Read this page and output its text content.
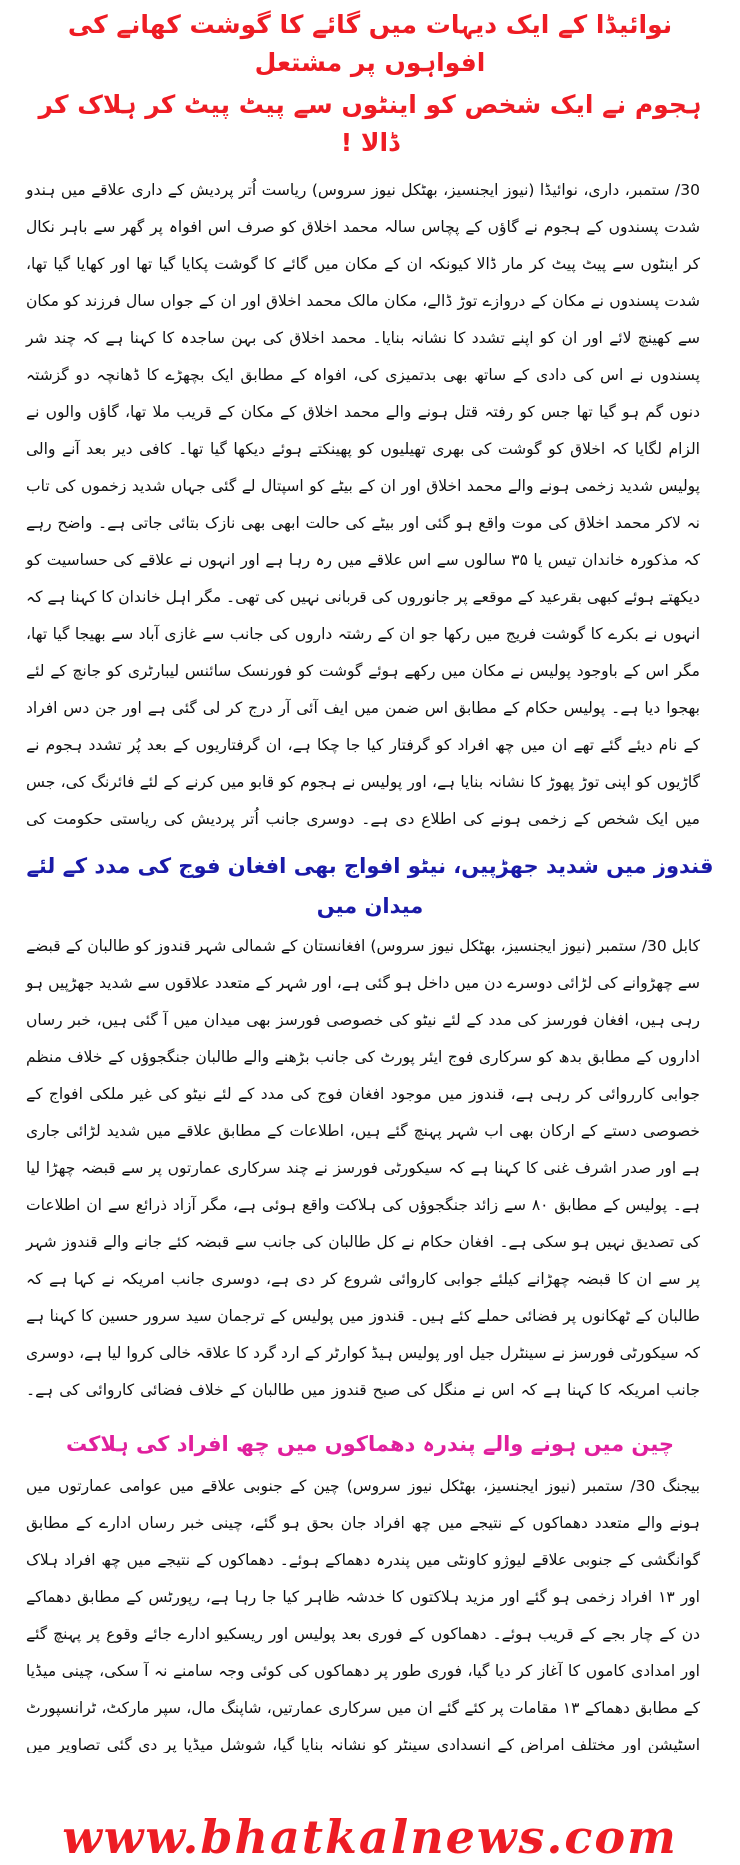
نوائیڈا کے ایک دیہات میں گائے کا گوشت کھانے کی افواہوں پر مشتعل
ہجوم نے ایک شخص کو اینٹوں سے پیٹ پیٹ کر ہلاک کر ڈالا !

30/ ستمبر، داری، نوائیڈا (نیوز ایجنسیز، بھٹکل نیوز سروس) ریاست اُتر پردیش کے داری علاقے میں ہندو شدت پسندوں کے ہجوم نے گاؤں کے پچاس سالہ محمد اخلاق کو صرف اس افواہ پر گھر سے باہر نکال کر اینٹوں سے پیٹ پیٹ کر مار ڈالا کیونکہ ان کے مکان میں گائے کا گوشت پکایا گیا تھا اور کھایا گیا تھا، شدت پسندوں نے مکان کے دروازے توڑ ڈالے، مکان مالک محمد اخلاق اور ان کے جواں سال فرزند کو مکان سے کھینچ لائے اور ان کو اپنے تشدد کا نشانہ بنایا۔ محمد اخلاق کی بہن ساجدہ کا کہنا ہے کہ چند شر پسندوں نے اس کی دادی کے ساتھ بھی بدتمیزی کی، افواہ کے مطابق ایک بچھڑے کا ڈھانچہ دو گزشتہ دنوں گم ہو گیا تھا جس کو رفتہ قتل ہونے والے محمد اخلاق کے مکان کے قریب ملا تھا، گاؤں والوں نے الزام لگایا کہ اخلاق کو گوشت کی بھری تھیلیوں کو پھینکتے ہوئے دیکھا گیا تھا۔ کافی دیر بعد آنے والی پولیس شدید زخمی ہونے والے محمد اخلاق اور ان کے بیٹے کو اسپتال لے گئی جہاں شدید زخموں کی تاب نہ لاکر محمد اخلاق کی موت واقع ہو گئی اور بیٹے کی حالت ابھی بھی نازک بتائی جاتی ہے۔ واضح رہے کہ مذکورہ خاندان تیس یا ۳۵ سالوں سے اس علاقے میں رہ رہا ہے اور انہوں نے علاقے کی حساسیت کو دیکھتے ہوئے کبھی بقرعید کے موقعے پر جانوروں کی قربانی نہیں کی تھی۔ مگر اہل خاندان کا کہنا ہے کہ انہوں نے بکرے کا گوشت فریج میں رکھا جو ان کے رشتہ داروں کی جانب سے غازی آباد سے بھیجا گیا تھا، مگر اس کے باوجود پولیس نے مکان میں رکھے ہوئے گوشت کو فورنسک سائنس لیبارٹری کو جانچ کے لئے بھجوا دیا ہے۔ پولیس حکام کے مطابق اس ضمن میں ایف آئی آر درج کر لی گئی ہے اور جن دس افراد کے نام دیئے گئے تھے ان میں چھ افراد کو گرفتار کیا جا چکا ہے، ان گرفتاریوں کے بعد پُر تشدد ہجوم نے گاڑیوں کو اپنی توڑ پھوڑ کا نشانہ بنایا ہے، اور پولیس نے ہجوم کو قابو میں کرنے کے لئے فائرنگ کی، جس میں ایک شخص کے زخمی ہونے کی اطلاع دی ہے۔ دوسری جانب اُتر پردیش کی ریاستی حکومت کی

قندوز میں شدید جھڑپیں، نیٹو افواج بھی افغان فوج کی مدد کے لئے میدان میں

کابل 30/ ستمبر (نیوز ایجنسیز، بھٹکل نیوز سروس) افغانستان کے شمالی شہر قندوز کو طالبان کے قبضے سے چھڑوانے کی لڑائی دوسرے دن میں داخل ہو گئی ہے، اور شہر کے متعدد علاقوں سے شدید جھڑپیں ہو رہی ہیں، افغان فورسز کی مدد کے لئے نیٹو کی خصوصی فورسز بھی میدان میں آ گئی ہیں، خبر رساں اداروں کے مطابق بدھ کو سرکاری فوج ایئر پورٹ کی جانب بڑھنے والے طالبان جنگجوؤں کے خلاف منظم جوابی کارروائی کر رہی ہے، قندوز میں موجود افغان فوج کی مدد کے لئے نیٹو کی غیر ملکی افواج کے خصوصی دستے کے ارکان بھی اب شہر پہنچ گئے ہیں، اطلاعات کے مطابق علاقے میں شدید لڑائی جاری ہے اور صدر اشرف غنی کا کہنا ہے کہ سیکورٹی فورسز نے چند سرکاری عمارتوں پر سے قبضہ چھڑا لیا ہے۔ پولیس کے مطابق ۸۰ سے زائد جنگجوؤں کی ہلاکت واقع ہوئی ہے، مگر آزاد ذرائع سے ان اطلاعات کی تصدیق نہیں ہو سکی ہے۔ افغان حکام نے کل طالبان کی جانب سے قبضہ کئے جانے والے قندوز شہر پر سے ان کا قبضہ چھڑانے کیلئے جوابی کاروائی شروع کر دی ہے، دوسری جانب امریکہ نے کہا ہے کہ طالبان کے ٹھکانوں پر فضائی حملے کئے ہیں۔ قندوز میں پولیس کے ترجمان سید سرور حسین کا کہنا ہے کہ سیکورٹی فورسز نے سینٹرل جیل اور پولیس ہیڈ کوارٹر کے ارد گرد کا علاقہ خالی کروا لیا ہے، دوسری جانب امریکہ کا کہنا ہے کہ اس نے منگل کی صبح قندوز میں طالبان کے خلاف فضائی کاروائی کی ہے۔

چین میں ہونے والے پندرہ دھماکوں میں چھ افراد کی ہلاکت

بیجنگ 30/ ستمبر (نیوز ایجنسیز، بھٹکل نیوز سروس) چین کے جنوبی علاقے میں عوامی عمارتوں میں ہونے والے متعدد دھماکوں کے نتیجے میں چھ افراد جان بحق ہو گئے، چینی خبر رساں ادارے کے مطابق گوانگشی کے جنوبی علاقے لیوژو کاونٹی میں پندرہ دھماکے ہوئے۔ دھماکوں کے نتیجے میں چھ افراد ہلاک اور ۱۳ افراد زخمی ہو گئے اور مزید ہلاکتوں کا خدشہ ظاہر کیا جا رہا ہے، رپورٹس کے مطابق دھماکے دن کے چار بجے کے قریب ہوئے۔ دھماکوں کے فوری بعد پولیس اور ریسکیو ادارے جائے وقوع پر پہنچ گئے اور امدادی کاموں کا آغاز کر دیا گیا، فوری طور پر دھماکوں کی کوئی وجہ سامنے نہ آ سکی، چینی میڈیا کے مطابق دھماکے ۱۳ مقامات پر کئے گئے ان میں سرکاری عمارتیں، شاپنگ مال، سپر مارکٹ، ٹرانسپورٹ اسٹیشن اور مختلف امراض کے انسدادی سینٹر کو نشانہ بنایا گیا، شوشل میڈیا پر دی گئی تصاویر میں

www.bhatkalnews.com
